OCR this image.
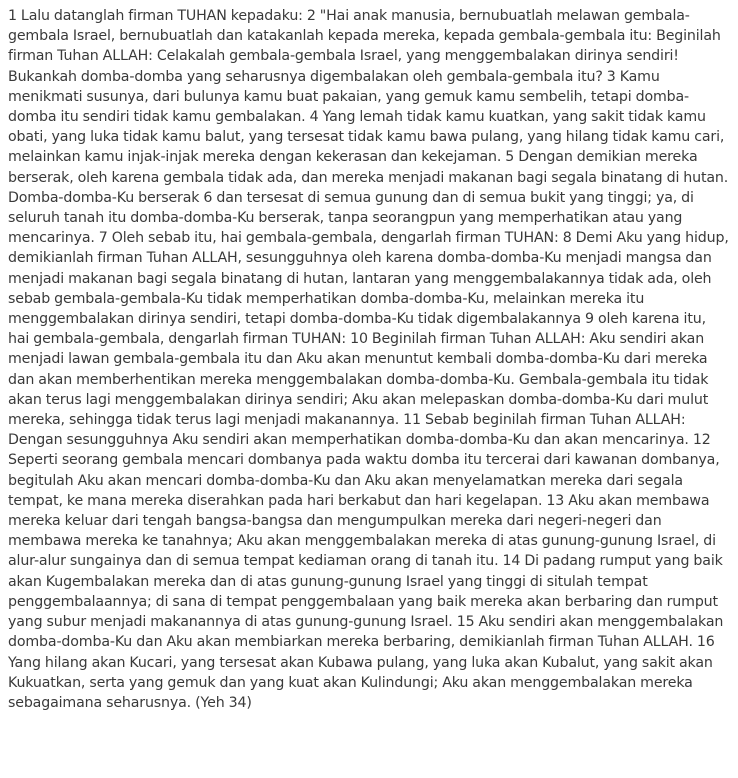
1 Lalu datanglah firman TUHAN kepadaku: 2 "Hai anak manusia, bernubuatlah melawan gembala-gembala Israel, bernubuatlah dan katakanlah kepada mereka, kepada gembala-gembala itu: Beginilah firman Tuhan ALLAH: Celakalah gembala-gembala Israel, yang menggembalakan dirinya sendiri! Bukankah domba-domba yang seharusnya digembalakan oleh gembala-gembala itu? 3 Kamu menikmati susunya, dari bulunya kamu buat pakaian, yang gemuk kamu sembelih, tetapi domba-domba itu sendiri tidak kamu gembalakan. 4 Yang lemah tidak kamu kuatkan, yang sakit tidak kamu obati, yang luka tidak kamu balut, yang tersesat tidak kamu bawa pulang, yang hilang tidak kamu cari, melainkan kamu injak-injak mereka dengan kekerasan dan kekejaman. 5 Dengan demikian mereka berserak, oleh karena gembala tidak ada, dan mereka menjadi makanan bagi segala binatang di hutan. Domba-domba-Ku berserak 6 dan tersesat di semua gunung dan di semua bukit yang tinggi; ya, di seluruh tanah itu domba-domba-Ku berserak, tanpa seorangpun yang memperhatikan atau yang mencarinya. 7 Oleh sebab itu, hai gembala-gembala, dengarlah firman TUHAN: 8 Demi Aku yang hidup, demikianlah firman Tuhan ALLAH, sesungguhnya oleh karena domba-domba-Ku menjadi mangsa dan menjadi makanan bagi segala binatang di hutan, lantaran yang menggembalakannya tidak ada, oleh sebab gembala-gembala-Ku tidak memperhatikan domba-domba-Ku, melainkan mereka itu menggembalakan dirinya sendiri, tetapi domba-domba-Ku tidak digembalakannya 9 oleh karena itu, hai gembala-gembala, dengarlah firman TUHAN: 10 Beginilah firman Tuhan ALLAH: Aku sendiri akan menjadi lawan gembala-gembala itu dan Aku akan menuntut kembali domba-domba-Ku dari mereka dan akan memberhentikan mereka menggembalakan domba-domba-Ku. Gembala-gembala itu tidak akan terus lagi menggembalakan dirinya sendiri; Aku akan melepaskan domba-domba-Ku dari mulut mereka, sehingga tidak terus lagi menjadi makanannya. 11 Sebab beginilah firman Tuhan ALLAH: Dengan sesungguhnya Aku sendiri akan memperhatikan domba-domba-Ku dan akan mencarinya. 12 Seperti seorang gembala mencari dombanya pada waktu domba itu tercerai dari kawanan dombanya, begitulah Aku akan mencari domba-domba-Ku dan Aku akan menyelamatkan mereka dari segala tempat, ke mana mereka diserahkan pada hari berkabut dan hari kegelapan. 13 Aku akan membawa mereka keluar dari tengah bangsa-bangsa dan mengumpulkan mereka dari negeri-negeri dan membawa mereka ke tanahnya; Aku akan menggembalakan mereka di atas gunung-gunung Israel, di alur-alur sungainya dan di semua tempat kediaman orang di tanah itu. 14 Di padang rumput yang baik akan Kugembalakan mereka dan di atas gunung-gunung Israel yang tinggi di situlah tempat penggembalaannya; di sana di tempat penggembalaan yang baik mereka akan berbaring dan rumput yang subur menjadi makanannya di atas gunung-gunung Israel. 15 Aku sendiri akan menggembalakan domba-domba-Ku dan Aku akan membiarkan mereka berbaring, demikianlah firman Tuhan ALLAH. 16 Yang hilang akan Kucari, yang tersesat akan Kubawa pulang, yang luka akan Kubalut, yang sakit akan Kukuatkan, serta yang gemuk dan yang kuat akan Kulindungi; Aku akan menggembalakan mereka sebagaimana seharusnya. (Yeh 34)
